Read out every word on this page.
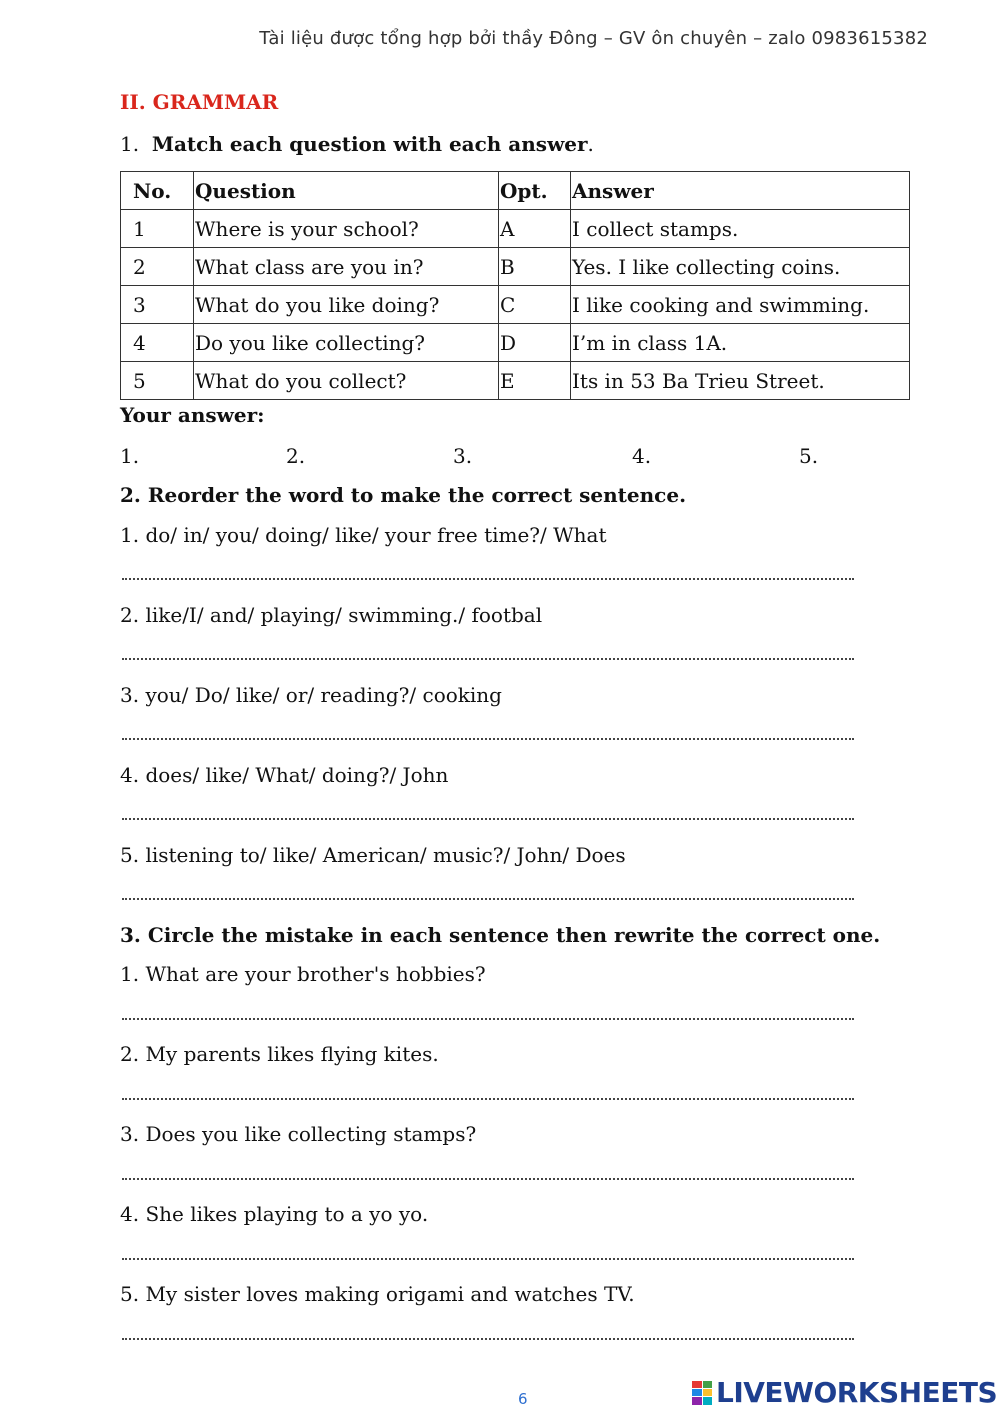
Tài liệu được tổng hợp bởi thầy Đông – GV ôn chuyên – zalo 0983615382
II. GRAMMAR
1. Match each question with each answer.
No.	Question	Opt.	Answer
1	Where is your school?	A	I collect stamps.
2	What class are you in?	B	Yes. I like collecting coins.
3	What do you like doing?	C	I like cooking and swimming.
4	Do you like collecting?	D	I’m in class 1A.
5	What do you collect?	E	Its in 53 Ba Trieu Street.
Your answer:
1.	2.	3.	4.	5.
2. Reorder the word to make the correct sentence.
1. do/ in/ you/ doing/ like/ your free time?/ What
2. like/I/ and/ playing/ swimming./ footbal
3. you/ Do/ like/ or/ reading?/ cooking
4. does/ like/ What/ doing?/ John
5. listening to/ like/ American/ music?/ John/ Does
3. Circle the mistake in each sentence then rewrite the correct one.
1. What are your brother's hobbies?
2. My parents likes flying kites.
3. Does you like collecting stamps?
4. She likes playing to a yo yo.
5. My sister loves making origami and watches TV.
6	LIVEWORKSHEETS
